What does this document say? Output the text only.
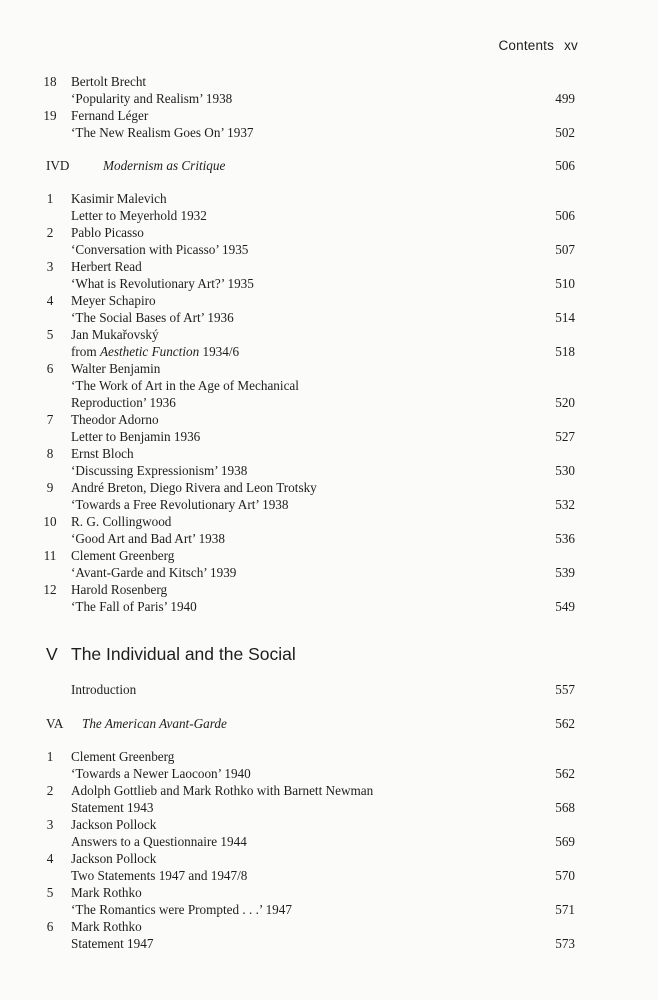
Contents xv
18 Bertolt Brecht
‘Popularity and Realism’ 1938	499
19 Fernand Léger
‘The New Realism Goes On’ 1937	502
IVD	Modernism as Critique	506
1	Kasimir Malevich
Letter to Meyerhold 1932	506
2	Pablo Picasso
‘Conversation with Picasso’ 1935	507
3	Herbert Read
‘What is Revolutionary Art?’ 1935	510
4	Meyer Schapiro
‘The Social Bases of Art’ 1936	514
5	Jan Mukařovský
from Aesthetic Function 1934/6	518
6	Walter Benjamin
‘The Work of Art in the Age of Mechanical
Reproduction’ 1936	520
7	Theodor Adorno
Letter to Benjamin 1936	527
8	Ernst Bloch
‘Discussing Expressionism’ 1938	530
9	André Breton, Diego Rivera and Leon Trotsky
‘Towards a Free Revolutionary Art’ 1938	532
10 R. G. Collingwood
‘Good Art and Bad Art’ 1938	536
11 Clement Greenberg
‘Avant-Garde and Kitsch’ 1939	539
12 Harold Rosenberg
‘The Fall of Paris’ 1940	549
V The Individual and the Social
Introduction	557
VA The American Avant-Garde	562
1	Clement Greenberg
‘Towards a Newer Laocoon’ 1940	562
2	Adolph Gottlieb and Mark Rothko with Barnett Newman
Statement 1943	568
3	Jackson Pollock
Answers to a Questionnaire 1944	569
4	Jackson Pollock
Two Statements 1947 and 1947/8	570
5	Mark Rothko
‘The Romantics were Prompted . . .’ 1947	571
6	Mark Rothko
Statement 1947	573
